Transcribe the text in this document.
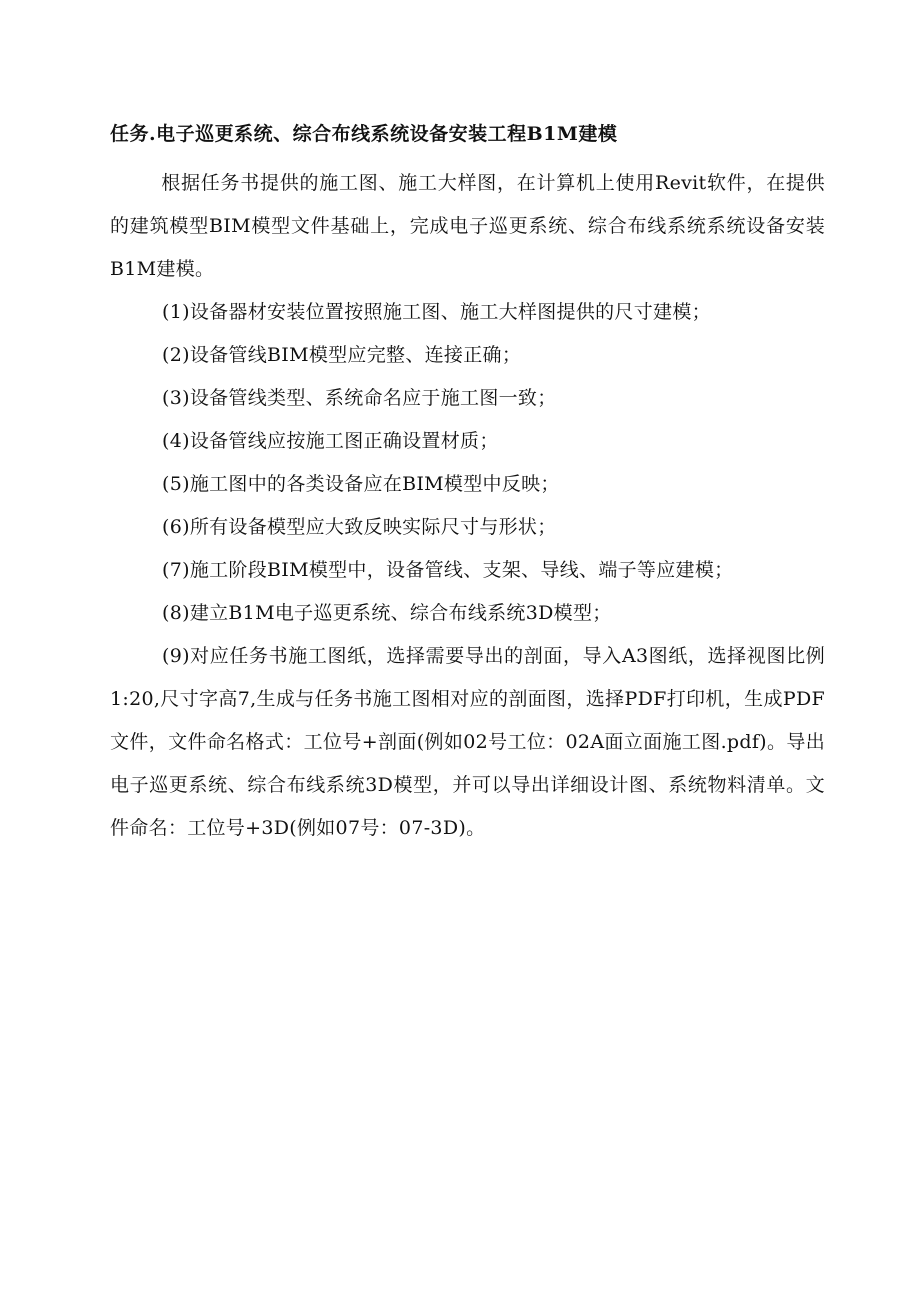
任务.电子巡更系统、综合布线系统设备安装工程B1M建模

根据任务书提供的施工图、施工大样图，在计算机上使用Revit软件，在提供的建筑模型BIM模型文件基础上，完成电子巡更系统、综合布线系统系统设备安装B1M建模。

(1)设备器材安装位置按照施工图、施工大样图提供的尺寸建模；
(2)设备管线BIM模型应完整、连接正确；
(3)设备管线类型、系统命名应于施工图一致；
(4)设备管线应按施工图正确设置材质；
(5)施工图中的各类设备应在BIM模型中反映；
(6)所有设备模型应大致反映实际尺寸与形状；
(7)施工阶段BIM模型中，设备管线、支架、导线、端子等应建模；
(8)建立B1M电子巡更系统、综合布线系统3D模型；
(9)对应任务书施工图纸，选择需要导出的剖面，导入A3图纸，选择视图比例1:20,尺寸字高7,生成与任务书施工图相对应的剖面图，选择PDF打印机，生成PDF文件，文件命名格式：工位号+剖面(例如02号工位：02A面立面施工图.pdf)。导出电子巡更系统、综合布线系统3D模型，并可以导出详细设计图、系统物料清单。文件命名：工位号+3D(例如07号：07-3D)。
